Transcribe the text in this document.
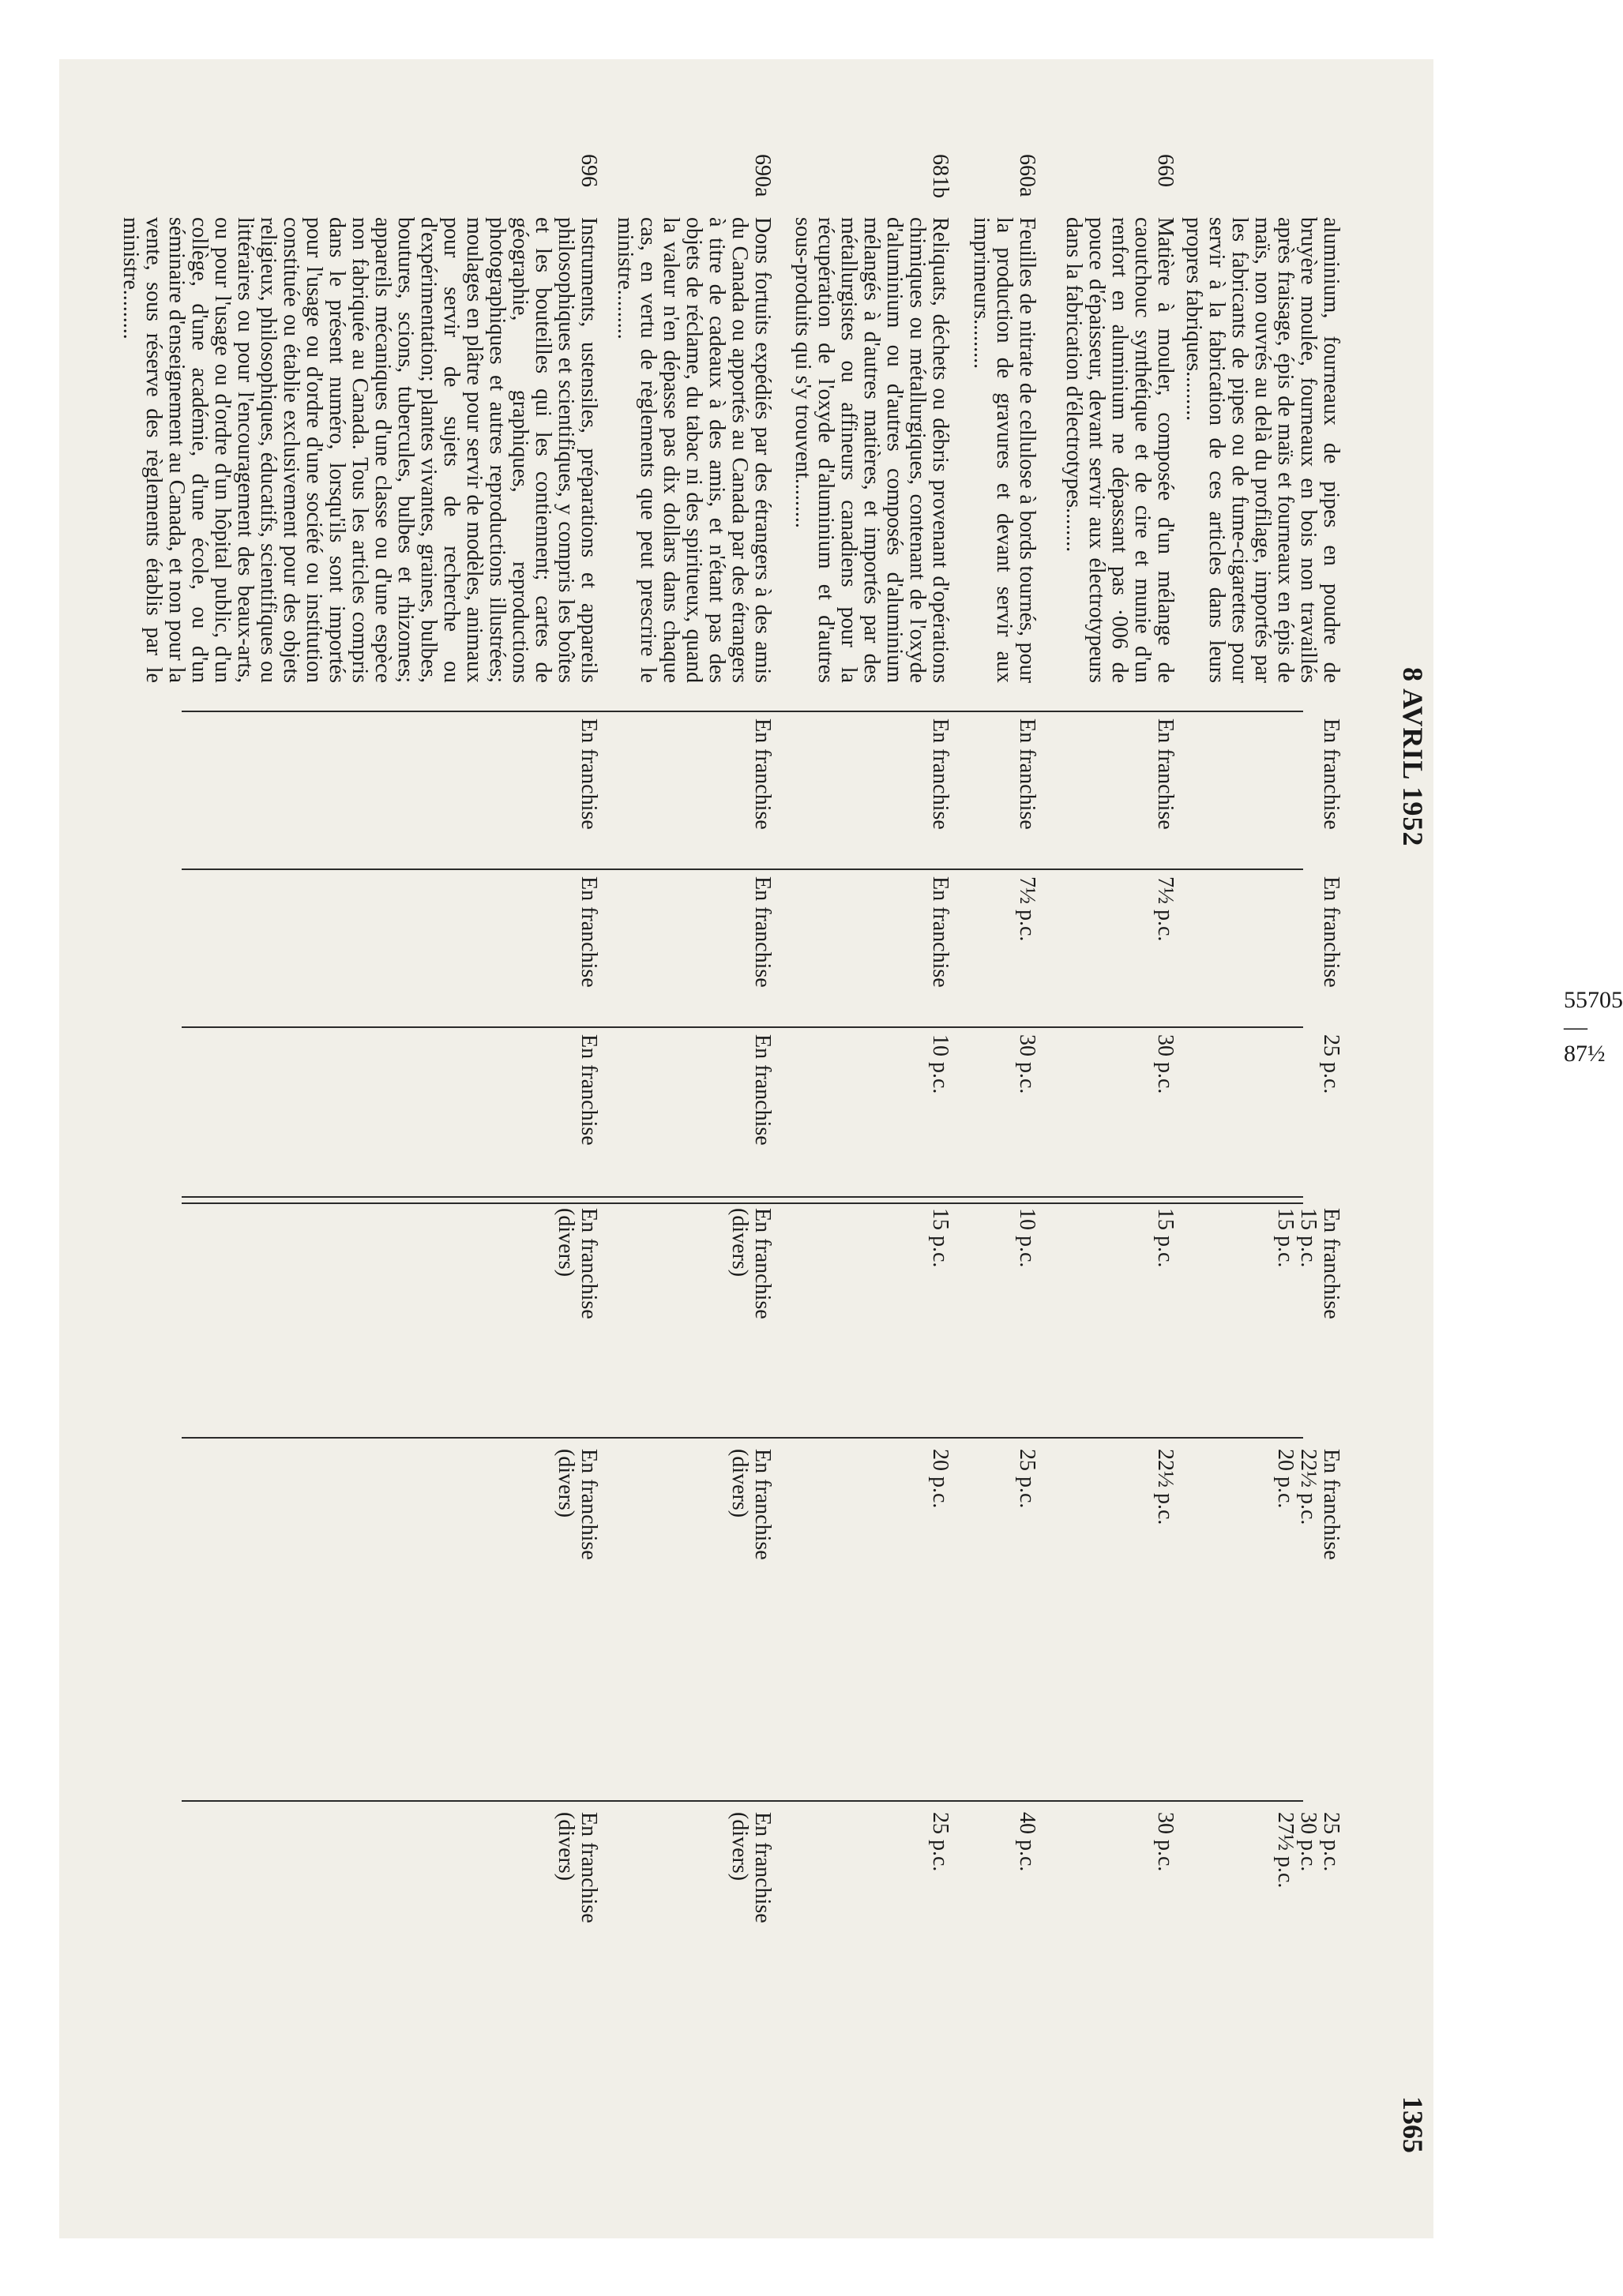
8 AVRIL 1952
1365
aluminium, fourneaux de pipes en poudre de bruyère moulée, fourneaux en bois non travaillés après fraisage, épis de maïs et fourneaux en épis de maïs, non ouvrés au delà du profilage, importés par les fabricants de pipes ou de fume-cigarettes pour servir à la fabrication de ces articles dans leurs propres fabriques.........
En franchise
En franchise
25 p.c.
En franchise
15 p.c.
15 p.c.
En franchise
22½ p.c.
20 p.c.
25 p.c.
30 p.c.
27½ p.c.
660
Matière à mouler, composée d'un mélange de caoutchouc synthétique et de cire et munie d'un renfort en aluminium ne dépassant pas ·006 de pouce d'épaisseur, devant servir aux électrotypeurs dans la fabrication d'électrotypes........
En franchise
7½ p.c.
30 p.c.
15 p.c.
22½ p.c.
30 p.c.
660a
Feuilles de nitrate de cellulose à bords tournés, pour la production de gravures et devant servir aux imprimeurs.........
En franchise
7½ p.c.
30 p.c.
10 p.c.
25 p.c.
40 p.c.
681b
Reliquats, déchets ou débris provenant d'opérations chimiques ou métallurgiques, contenant de l'oxyde d'aluminium ou d'autres composés d'aluminium mélangés à d'autres matières, et importés par des métallurgistes ou affineurs canadiens pour la récupération de l'oxyde d'aluminium et d'autres sous-produits qui s'y trouvent.........
En franchise
En franchise
10 p.c.
15 p.c.
20 p.c.
25 p.c.
690a
Dons fortuits expédiés par des étrangers à des amis du Canada ou apportés au Canada par des étrangers à titre de cadeaux à des amis, et n'étant pas des objets de réclame, du tabac ni des spiritueux, quand la valeur n'en dépasse pas dix dollars dans chaque cas, en vertu de règlements que peut prescrire le ministre.........
En franchise
En franchise
En franchise
En franchise
(divers)
En franchise
(divers)
En franchise
(divers)
696
Instruments, ustensiles, préparations et appareils philosophiques et scientifiques, y compris les boîtes et les bouteilles qui les contiennent; cartes de géographie, graphiques, reproductions photographiques et autres reproductions illustrées; moulages en plâtre pour servir de modèles, animaux pour servir de sujets de recherche ou d'expérimentation; plantes vivantes, graines, bulbes, boutures, scions, tubercules, bulbes et rhizomes; appareils mécaniques d'une classe ou d'une espèce non fabriquée au Canada. Tous les articles compris dans le présent numéro, lorsqu'ils sont importés pour l'usage ou d'ordre d'une société ou institution constituée ou établie exclusivement pour des objets religieux, philosophiques, éducatifs, scientifiques ou littéraires ou pour l'encouragement des beaux-arts, ou pour l'usage ou d'ordre d'un hôpital public, d'un collège, d'une académie, d'une école, ou d'un séminaire d'enseignement au Canada, et non pour la vente, sous réserve des règlements établis par le ministre.........
En franchise
En franchise
En franchise
En franchise
(divers)
En franchise
(divers)
En franchise
(divers)
55705—87½
